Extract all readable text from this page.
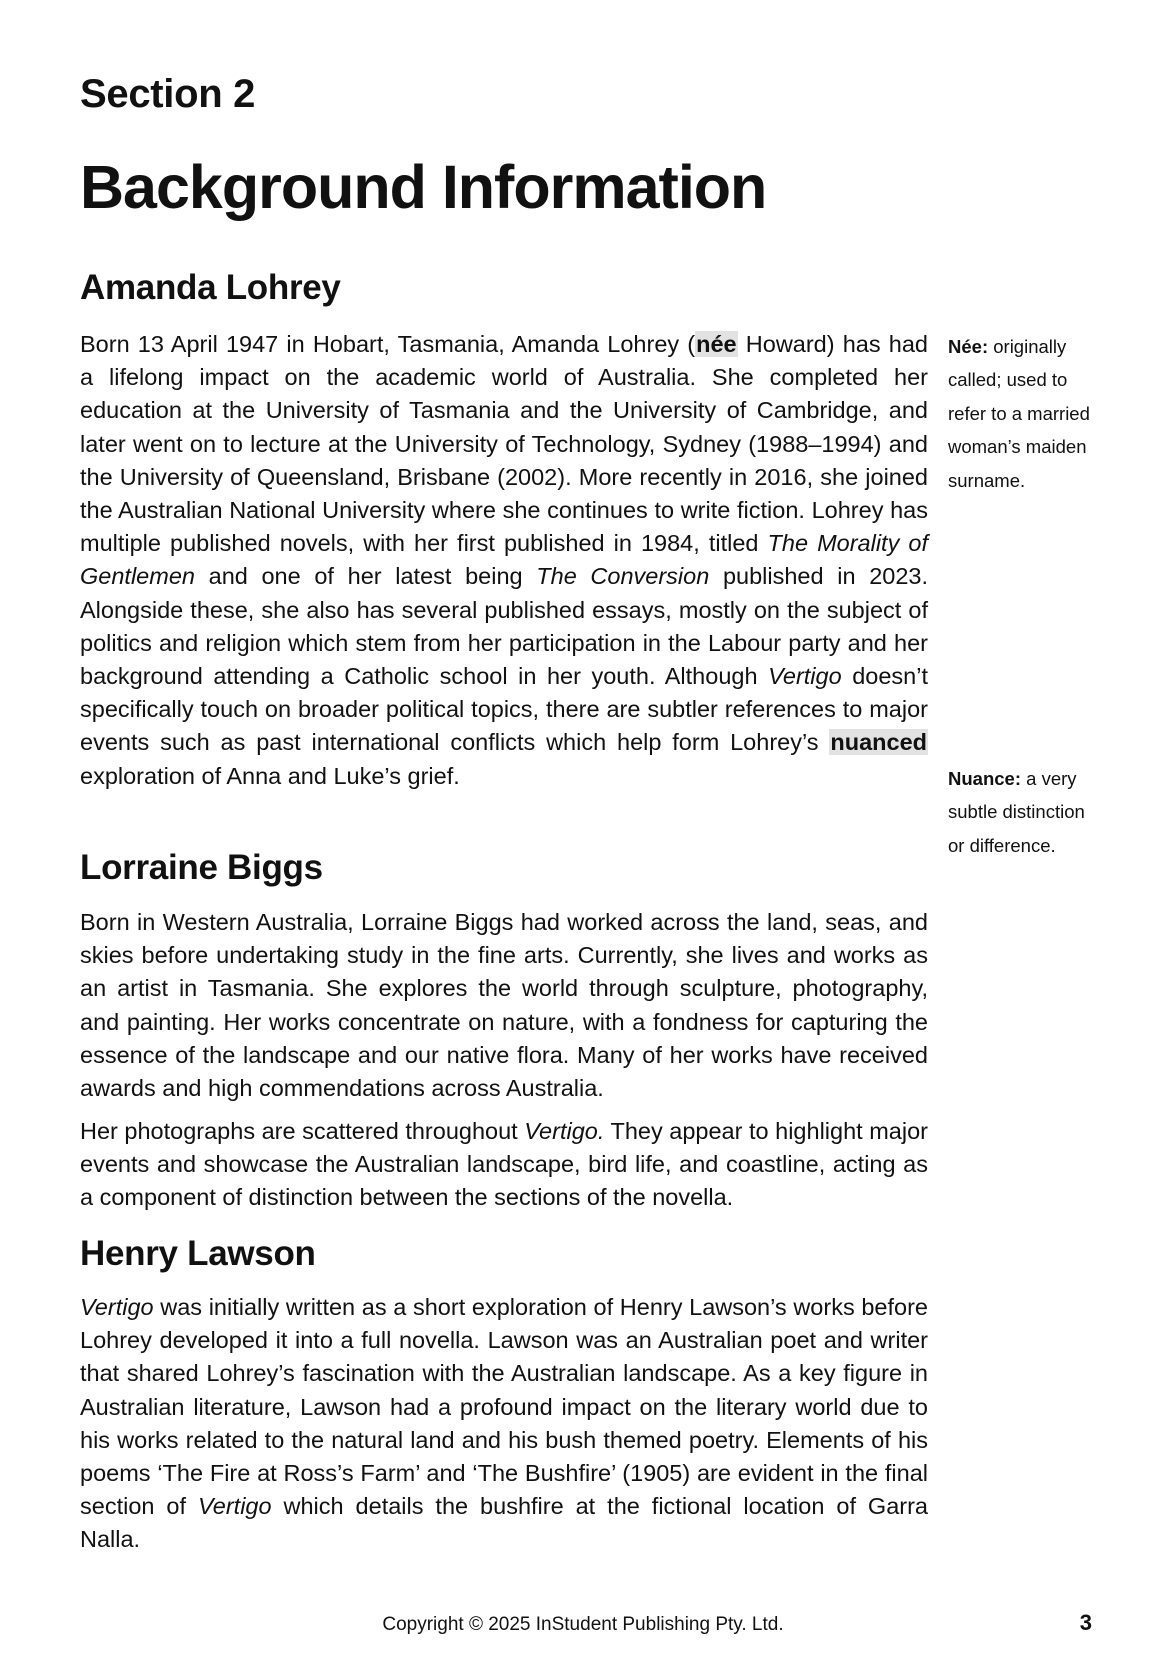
Section 2
Background Information
Amanda Lohrey

Born 13 April 1947 in Hobart, Tasmania, Amanda Lohrey (née Howard) has had a lifelong impact on the academic world of Australia. She completed her education at the University of Tasmania and the University of Cambridge, and later went on to lecture at the University of Technology, Sydney (1988–1994) and the University of Queensland, Brisbane (2002). More recently in 2016, she joined the Australian National University where she continues to write fiction. Lohrey has multiple published novels, with her first published in 1984, titled The Morality of Gentlemen and one of her latest being The Conversion published in 2023. Alongside these, she also has several published essays, mostly on the subject of politics and religion which stem from her participation in the Labour party and her background attending a Catholic school in her youth. Although Vertigo doesn’t specifically touch on broader political topics, there are subtler references to major events such as past international conflicts which help form Lohrey’s nuanced exploration of Anna and Luke’s grief.

Lorraine Biggs

Born in Western Australia, Lorraine Biggs had worked across the land, seas, and skies before undertaking study in the fine arts. Currently, she lives and works as an artist in Tasmania. She explores the world through sculpture, photography, and painting. Her works concentrate on nature, with a fondness for capturing the essence of the landscape and our native flora. Many of her works have received awards and high commendations across Australia.

Her photographs are scattered throughout Vertigo. They appear to highlight major events and showcase the Australian landscape, bird life, and coastline, acting as a component of distinction between the sections of the novella.

Henry Lawson

Vertigo was initially written as a short exploration of Henry Lawson’s works before Lohrey developed it into a full novella. Lawson was an Australian poet and writer that shared Lohrey’s fascination with the Australian landscape. As a key figure in Australian literature, Lawson had a profound impact on the literary world due to his works related to the natural land and his bush themed poetry. Elements of his poems ‘The Fire at Ross’s Farm’ and ‘The Bushfire’ (1905) are evident in the final section of Vertigo which details the bushfire at the fictional location of Garra Nalla.

Née: originally called; used to refer to a married woman’s maiden surname.

Nuance: a very subtle distinction or difference.

Copyright © 2025 InStudent Publishing Pty. Ltd.	3
